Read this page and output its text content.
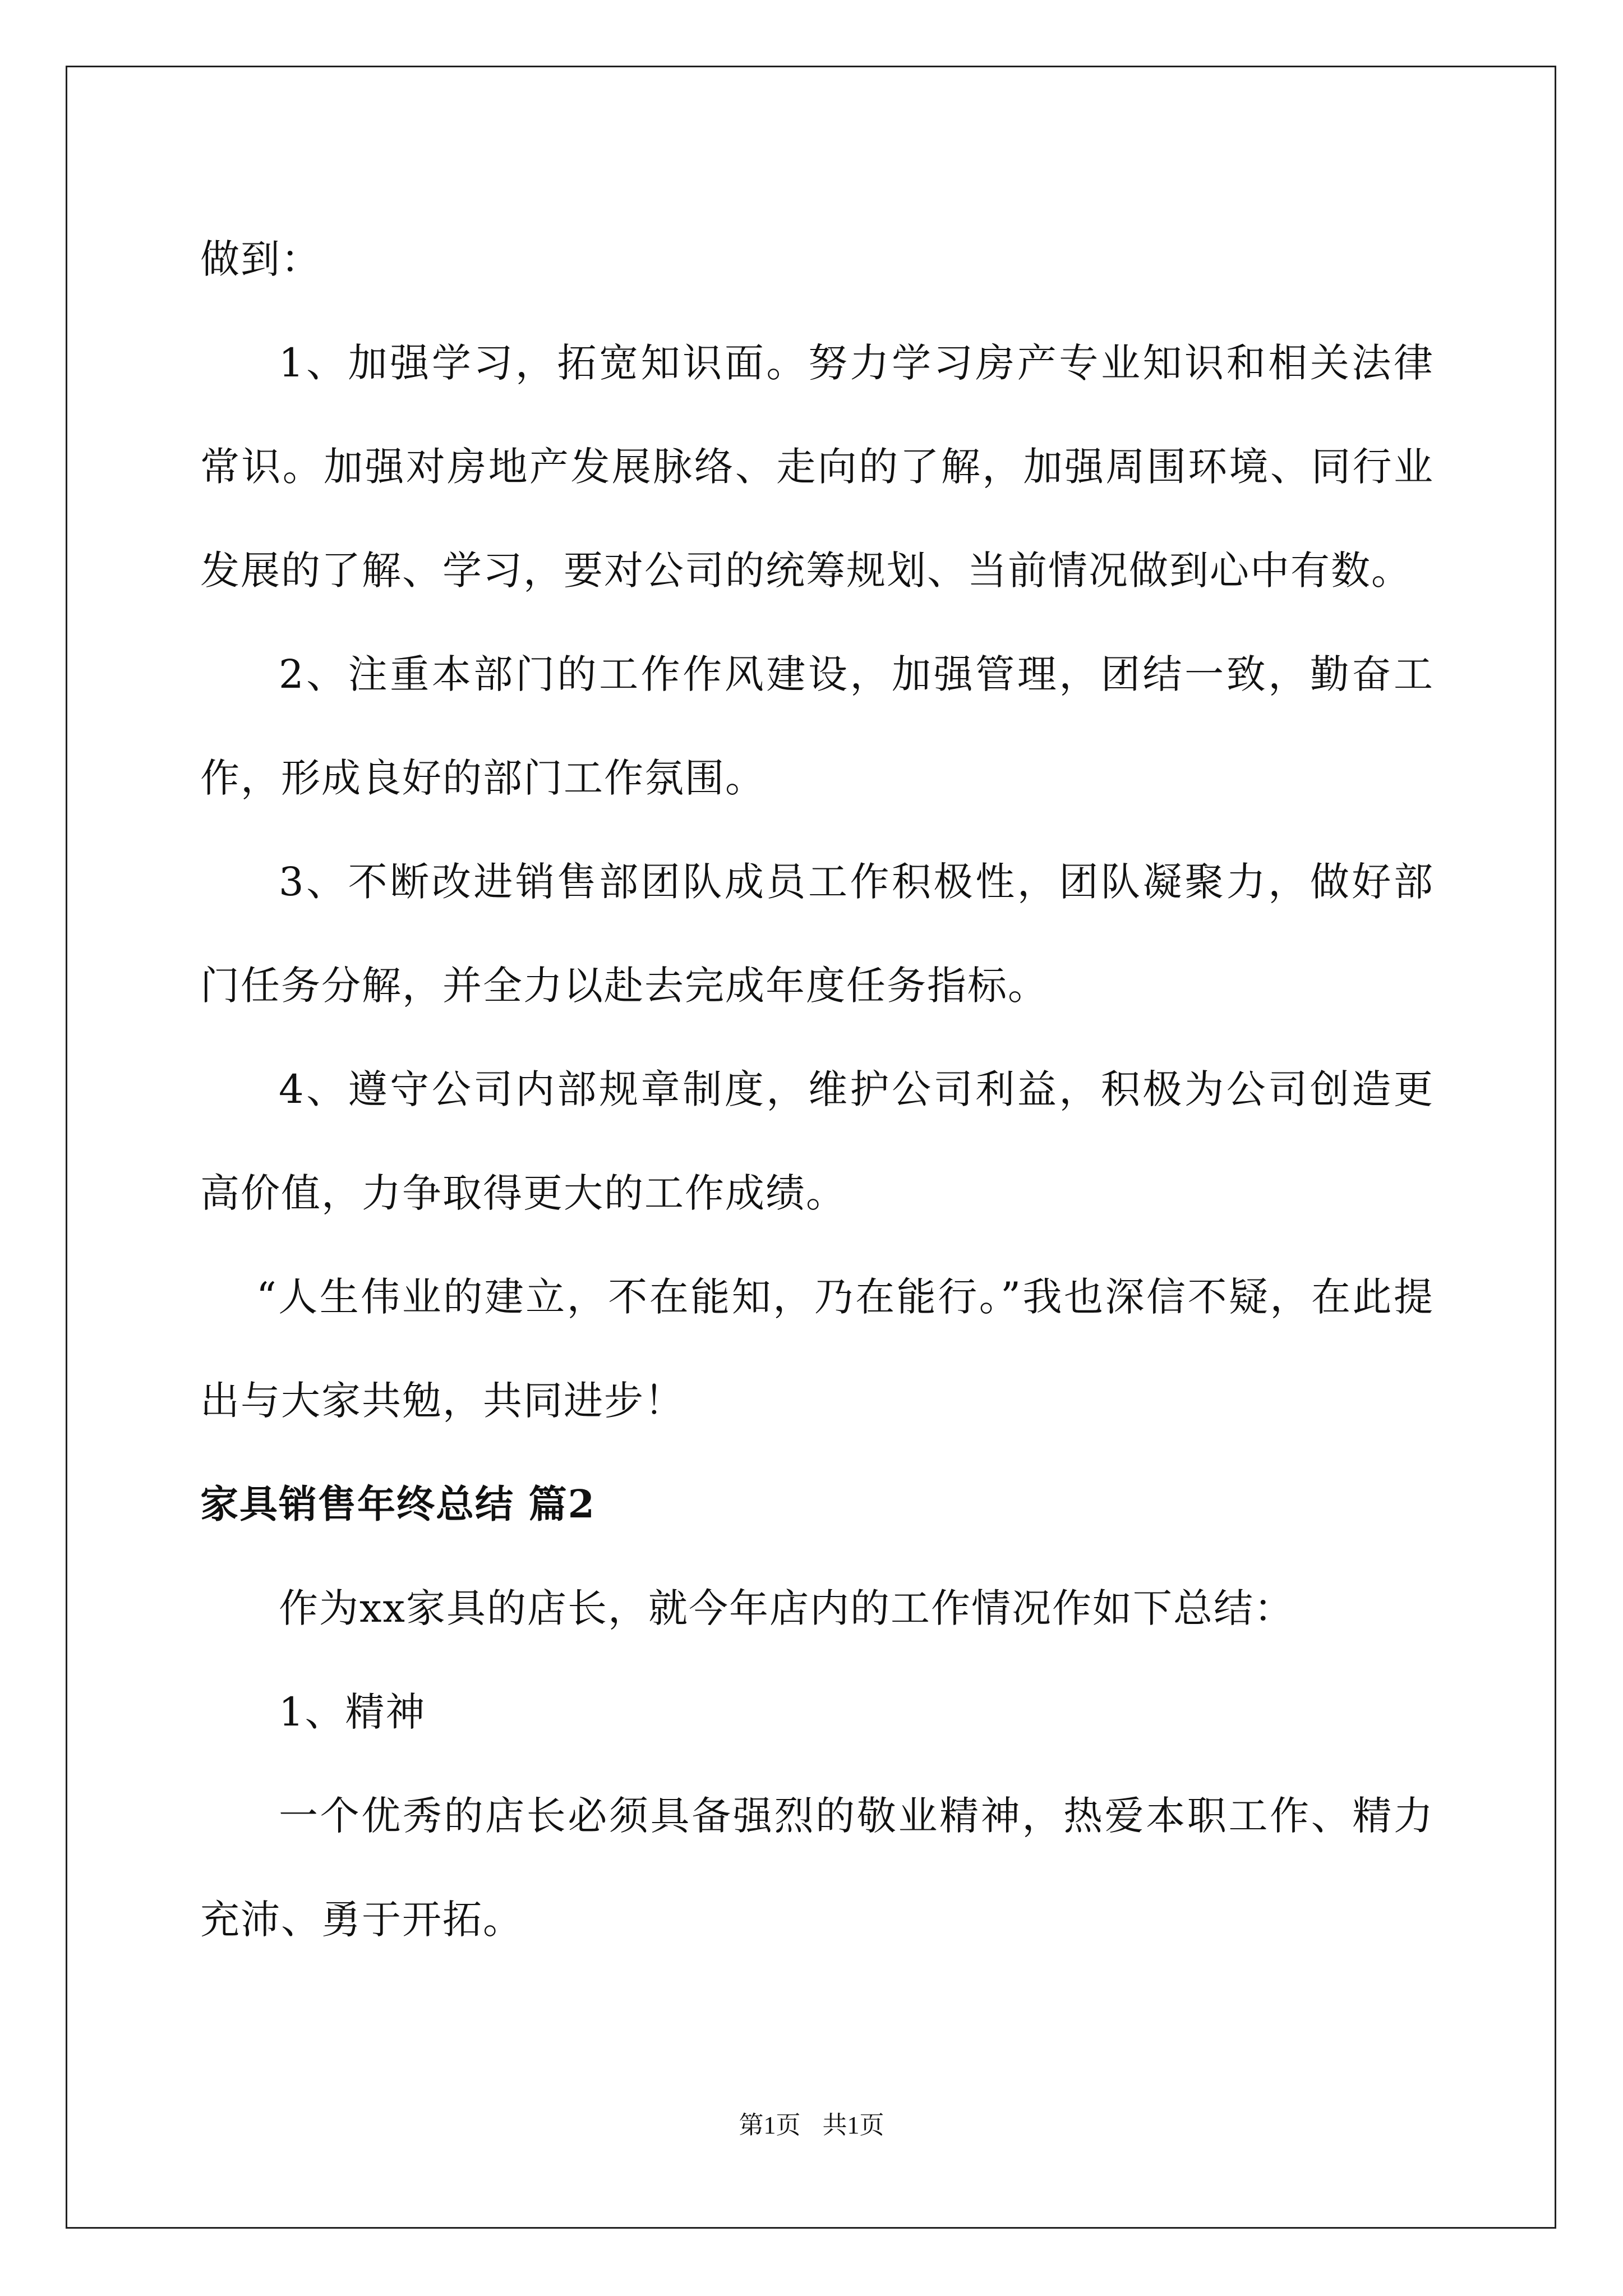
做到：

1、加强学习，拓宽知识面。努力学习房产专业知识和相关法律常识。加强对房地产发展脉络、走向的了解，加强周围环境、同行业发展的了解、学习，要对公司的统筹规划、当前情况做到心中有数。

2、注重本部门的工作作风建设，加强管理，团结一致，勤奋工作，形成良好的部门工作氛围。

3、不断改进销售部团队成员工作积极性，团队凝聚力，做好部门任务分解，并全力以赴去完成年度任务指标。

4、遵守公司内部规章制度，维护公司利益，积极为公司创造更高价值，力争取得更大的工作成绩。

“人生伟业的建立，不在能知，乃在能行。”我也深信不疑，在此提出与大家共勉，共同进步！

家具销售年终总结 篇2

作为xx家具的店长，就今年店内的工作情况作如下总结：

1、精神

一个优秀的店长必须具备强烈的敬业精神，热爱本职工作、精力充沛、勇于开拓。

第1页 共1页
